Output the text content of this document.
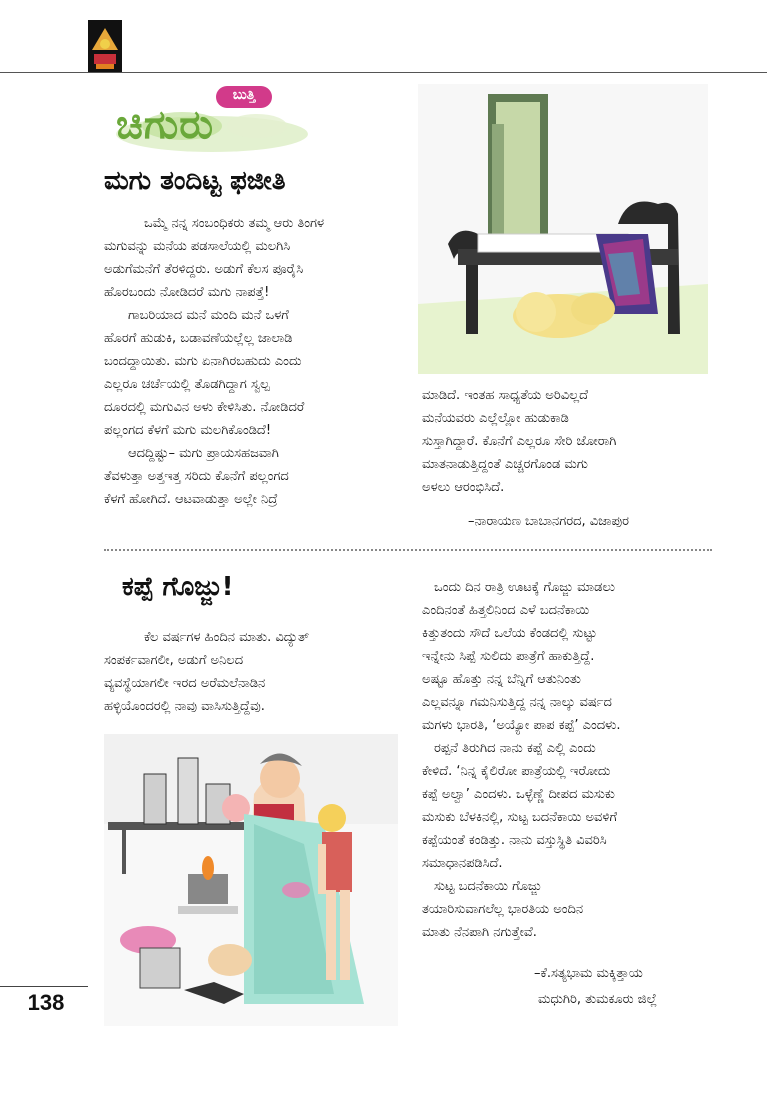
ಬುತ್ತಿ
ಚಿಗುರು
ಮಗು ತಂದಿಟ್ಟ ಫಜೀತಿ

ಒಮ್ಮೆ ನನ್ನ ಸಂಬಂಧಿಕರು ತಮ್ಮ ಆರು ತಿಂಗಳ

ಮಗುವನ್ನು ಮನೆಯ ಪಡಸಾಲೆಯಲ್ಲಿ ಮಲಗಿಸಿ

ಅಡುಗೆಮನೆಗೆ ತೆರಳಿದ್ದರು. ಅಡುಗೆ ಕೆಲಸ ಪೂರೈಸಿ

ಹೊರಬಂದು ನೋಡಿದರೆ ಮಗು ನಾಪತ್ತೆ!

ಗಾಬರಿಯಾದ ಮನೆ ಮಂದಿ ಮನೆ ಒಳಗೆ

ಹೊರಗೆ ಹುಡುಕಿ, ಬಡಾವಣೆಯಲ್ಲೆಲ್ಲ ಜಾಲಾಡಿ

ಬಂದದ್ದಾಯಿತು. ಮಗು ಏನಾಗಿರಬಹುದು ಎಂದು

ಎಲ್ಲರೂ ಚರ್ಚೆಯಲ್ಲಿ ತೊಡಗಿದ್ದಾಗ ಸ್ವಲ್ಪ

ದೂರದಲ್ಲಿ ಮಗುವಿನ ಅಳು ಕೇಳಿಸಿತು. ನೋಡಿದರೆ

ಪಲ್ಲಂಗದ ಕೆಳಗೆ ಮಗು ಮಲಗಿಕೊಂಡಿದೆ!

ಆದದ್ದಿಷ್ಟು– ಮಗು ಪ್ರಾಯಸಹಜವಾಗಿ

ತೆವಳುತ್ತಾ ಅತ್ತಇತ್ತ ಸರಿದು ಕೊನೆಗೆ ಪಲ್ಲಂಗದ

ಕೆಳಗೆ ಹೋಗಿದೆ. ಆಟವಾಡುತ್ತಾ ಅಲ್ಲೇ ನಿದ್ರೆ

ಮಾಡಿದೆ. ಇಂತಹ ಸಾಧ್ಯತೆಯ ಅರಿವಿಲ್ಲದೆ

ಮನೆಯವರು ಎಲ್ಲೆಲ್ಲೋ ಹುಡುಕಾಡಿ

ಸುಸ್ತಾಗಿದ್ದಾರೆ. ಕೊನೆಗೆ ಎಲ್ಲರೂ ಸೇರಿ ಜೋರಾಗಿ

ಮಾತನಾಡುತ್ತಿದ್ದಂತೆ ಎಚ್ಚರಗೊಂಡ ಮಗು

ಅಳಲು ಆರಂಭಿಸಿದೆ.

–ನಾರಾಯಣ ಬಾಬಾನಗರದ, ವಿಜಾಪುರ
ಕಪ್ಪೆ ಗೊಜ್ಜು!

ಕೆಲ ವರ್ಷಗಳ ಹಿಂದಿನ ಮಾತು. ವಿದ್ಯುತ್

ಸಂಪರ್ಕವಾಗಲೀ, ಅಡುಗೆ ಅನಿಲದ

ವ್ಯವಸ್ಥೆಯಾಗಲೀ ಇರದ ಅರೆಮಲೆನಾಡಿನ

ಹಳ್ಳಿಯೊಂದರಲ್ಲಿ ನಾವು ವಾಸಿಸುತ್ತಿದ್ದೆವು.

ಒಂದು ದಿನ ರಾತ್ರಿ ಊಟಕ್ಕೆ ಗೊಜ್ಜು ಮಾಡಲು

ಎಂದಿನಂತೆ ಹಿತ್ತಲಿನಿಂದ ಎಳೆ ಬದನೆಕಾಯಿ

ಕಿತ್ತುತಂದು ಸೌದೆ ಒಲೆಯ ಕೆಂಡದಲ್ಲಿ ಸುಟ್ಟು

ಇನ್ನೇನು ಸಿಪ್ಪೆ ಸುಲಿದು ಪಾತ್ರೆಗೆ ಹಾಕುತ್ತಿದ್ದೆ.

ಅಷ್ಟೂ ಹೊತ್ತು ನನ್ನ ಬೆನ್ನಿಗೆ ಆತುನಿಂತು

ಎಲ್ಲವನ್ನೂ ಗಮನಿಸುತ್ತಿದ್ದ ನನ್ನ ನಾಲ್ಕು ವರ್ಷದ

ಮಗಳು ಭಾರತಿ, ‘ಅಯ್ಯೋ ಪಾಪ ಕಪ್ಪೆ’ ಎಂದಳು.

ರಪ್ಪನೆ ತಿರುಗಿದ ನಾನು ಕಪ್ಪೆ ಎಲ್ಲಿ ಎಂದು

ಕೇಳಿದೆ. ‘ನಿನ್ನ ಕೈಲಿರೋ ಪಾತ್ರೆಯಲ್ಲಿ ಇರೋದು

ಕಪ್ಪೆ ಅಲ್ವಾ’ ಎಂದಳು. ಒಳ್ಳೆಣ್ಣೆ ದೀಪದ ಮಸುಕು

ಮಸುಕು ಬೆಳಕಿನಲ್ಲಿ, ಸುಟ್ಟ ಬದನೆಕಾಯಿ ಅವಳಿಗೆ

ಕಪ್ಪೆಯಂತೆ ಕಂಡಿತ್ತು. ನಾನು ವಸ್ತುಸ್ಥಿತಿ ವಿವರಿಸಿ

ಸಮಾಧಾನಪಡಿಸಿದೆ.

ಸುಟ್ಟ ಬದನೆಕಾಯಿ ಗೊಜ್ಜು

ತಯಾರಿಸುವಾಗಲೆಲ್ಲ ಭಾರತಿಯ ಅಂದಿನ

ಮಾತು ನೆನಪಾಗಿ ನಗುತ್ತೇವೆ.

–ಕೆ.ಸತ್ಯಭಾಮ ಮಕ್ಕಿತ್ತಾಯ
ಮಧುಗಿರಿ, ತುಮಕೂರು ಜಿಲ್ಲೆ
138
